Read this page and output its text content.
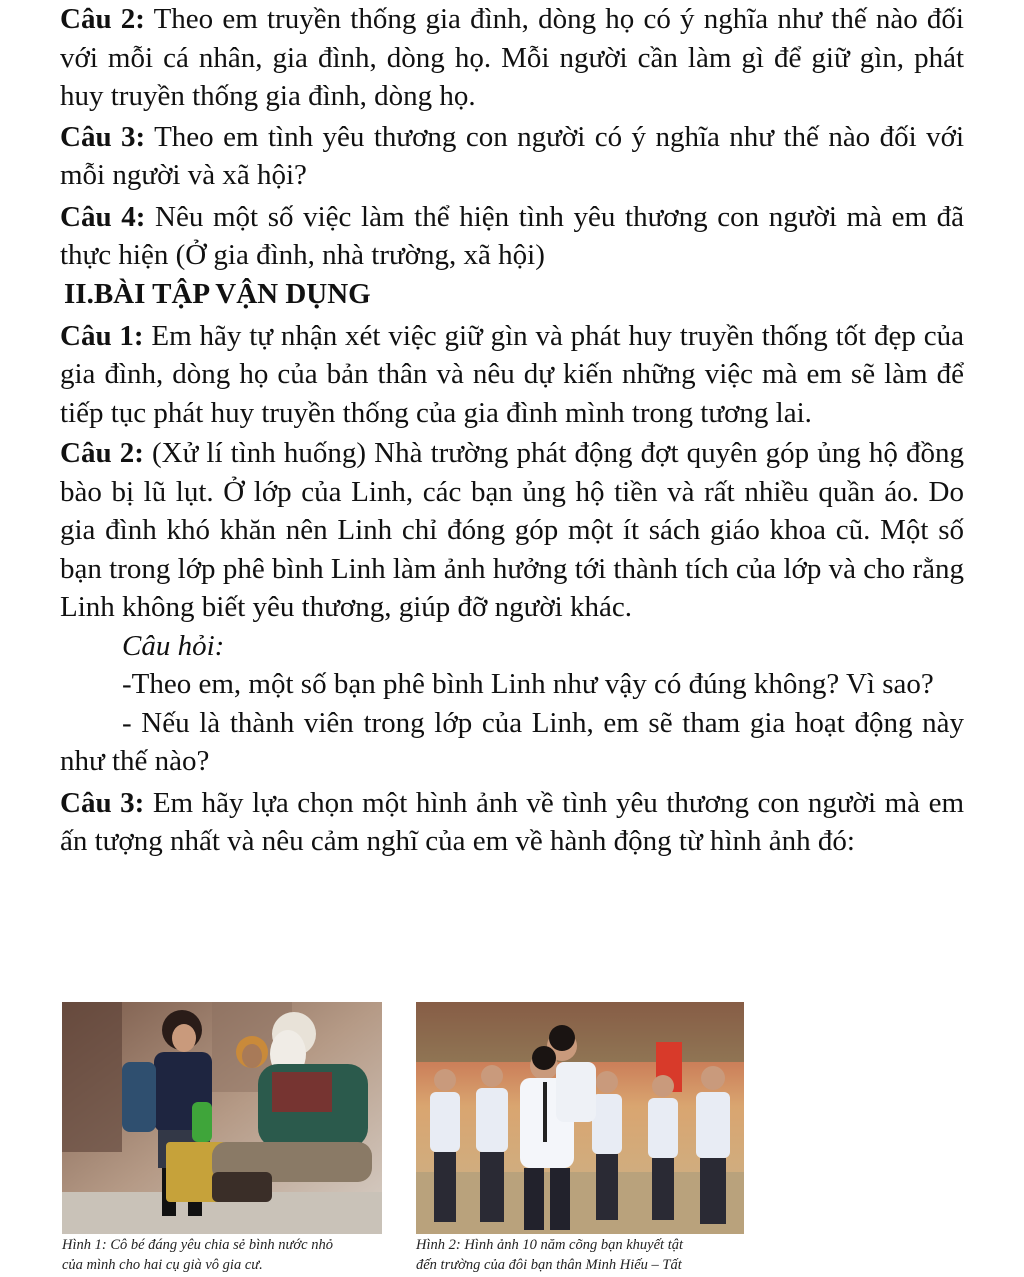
Câu 2: Theo em truyền thống gia đình, dòng họ có ý nghĩa như thế nào đối với mỗi cá nhân, gia đình, dòng họ. Mỗi người cần làm gì để giữ gìn, phát huy truyền thống gia đình, dòng họ.

Câu 3: Theo em tình yêu thương con người có ý nghĩa như thế nào đối với mỗi người và xã hội?

Câu 4: Nêu một số việc làm thể hiện tình yêu thương con người mà em đã thực hiện (Ở gia đình, nhà trường, xã hội)

II.BÀI TẬP VẬN DỤNG

Câu 1: Em hãy tự nhận xét việc giữ gìn và phát huy truyền thống tốt đẹp của gia đình, dòng họ của bản thân và nêu dự kiến những việc mà em sẽ làm để tiếp tục phát huy truyền thống của gia đình mình trong tương lai.

Câu 2: (Xử lí tình huống) Nhà trường phát động đợt quyên góp ủng hộ đồng bào bị lũ lụt. Ở lớp của Linh, các bạn ủng hộ tiền và rất nhiều quần áo. Do gia đình khó khăn nên Linh chỉ đóng góp một ít sách giáo khoa cũ. Một số bạn trong lớp phê bình Linh làm ảnh hưởng tới thành tích của lớp và cho rằng Linh không biết yêu thương, giúp đỡ người khác.

Câu hỏi:

-Theo em, một số bạn phê bình Linh như vậy có đúng không? Vì sao?

- Nếu là thành viên trong lớp của Linh, em sẽ tham gia hoạt động này như thế nào?

Câu 3: Em hãy lựa chọn một hình ảnh về tình yêu thương con người mà em ấn tượng nhất và nêu cảm nghĩ của em về hành động từ hình ảnh đó:

Hình 1: Cô bé đáng yêu chia sẻ bình nước nhỏ
của mình cho hai cụ già vô gia cư.
Hình 2: Hình ảnh 10 năm cõng bạn khuyết tật
đến trường của đôi bạn thân Minh Hiếu – Tất
